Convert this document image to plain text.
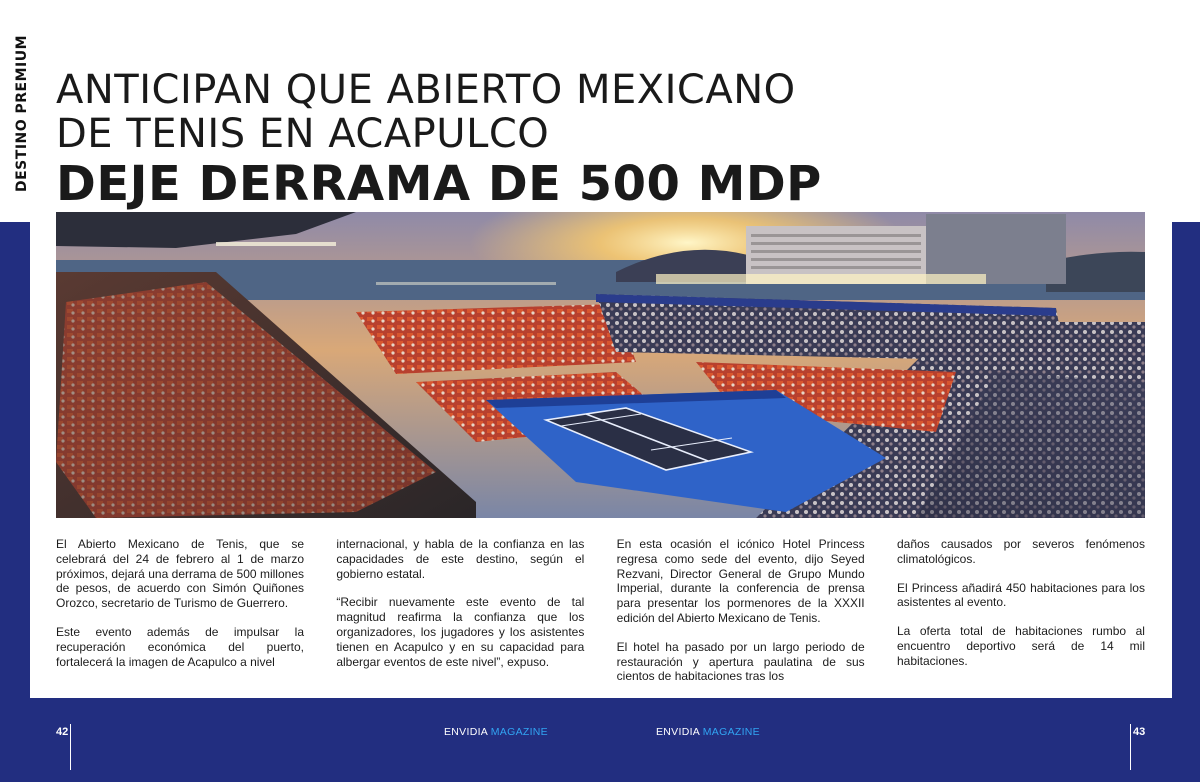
DESTINO PREMIUM ANTICIPAN QUE ABIERTO MEXICANO
DE TENIS EN ACAPULCO
DEJE DERRAMA DE 500 MDP

El Abierto Mexicano de Tenis, que se celebrará del 24 de febrero al 1 de marzo próximos, dejará una derrama de 500 millones de pesos, de acuerdo con Simón Quiñones Orozco, secretario de Turismo de Guerrero.

Este evento además de impulsar la recuperación económica del puerto, fortalecerá la imagen de Acapulco a nivel

internacional, y habla de la confianza en las capacidades de este destino, según el gobierno estatal.

“Recibir nuevamente este evento de tal magnitud reafirma la confianza que los organizadores, los jugadores y los asistentes tienen en Acapulco y en su capacidad para albergar eventos de este nivel”, expuso.

En esta ocasión el icónico Hotel Princess regresa como sede del evento, dijo Seyed Rezvani, Director General de Grupo Mundo Imperial, durante la conferencia de prensa para presentar los pormenores de la XXXII edición del Abierto Mexicano de Tenis.

El hotel ha pasado por un largo periodo de restauración y apertura paulatina de sus cientos de habitaciones tras los

daños causados por severos fenómenos climatológicos.

El Princess añadirá 450 habitaciones para los asistentes al evento.

La oferta total de habitaciones rumbo al encuentro deportivo será de 14 mil habitaciones.

42	ENVIDIA MAGAZINE	ENVIDIA MAGAZINE	43
